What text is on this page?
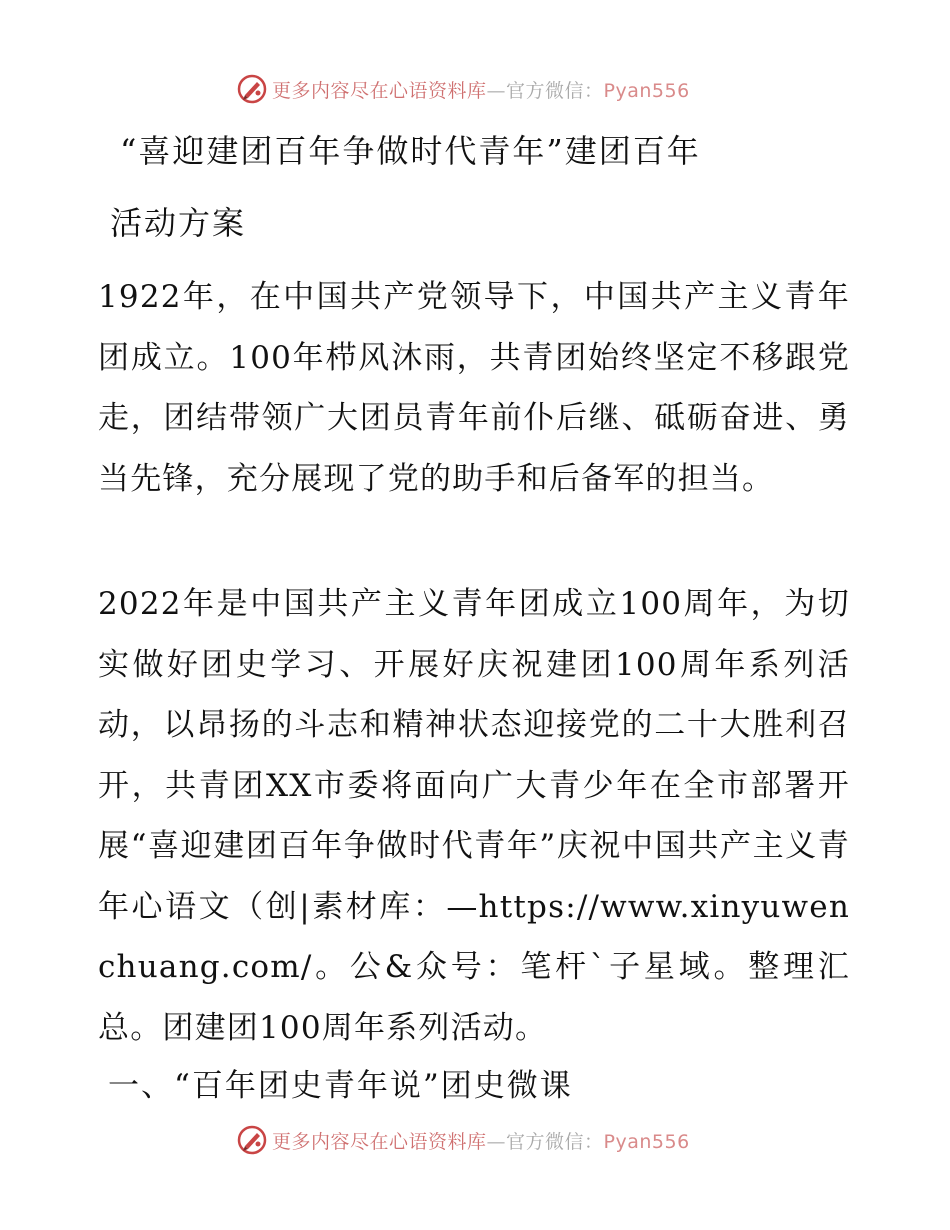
更多内容尽在心语资料库—官方微信：Pyan556
“喜迎建团百年争做时代青年”建团百年
活动方案

1922年，在中国共产党领导下，中国共产主义青年团成立。100年栉风沐雨，共青团始终坚定不移跟党走，团结带领广大团员青年前仆后继、砥砺奋进、勇当先锋，充分展现了党的助手和后备军的担当。

2022年是中国共产主义青年团成立100周年，为切实做好团史学习、开展好庆祝建团100周年系列活动，以昂扬的斗志和精神状态迎接党的二十大胜利召开，共青团XX市委将面向广大青少年在全市部署开展“喜迎建团百年争做时代青年”庆祝中国共产主义青年心语文（创|素材库：—https://www.xinyuwenchuang.com/。公&众号：笔杆`子星域。整理汇总。团建团100周年系列活动。

一、“百年团史青年说”团史微课
更多内容尽在心语资料库—官方微信：Pyan556
